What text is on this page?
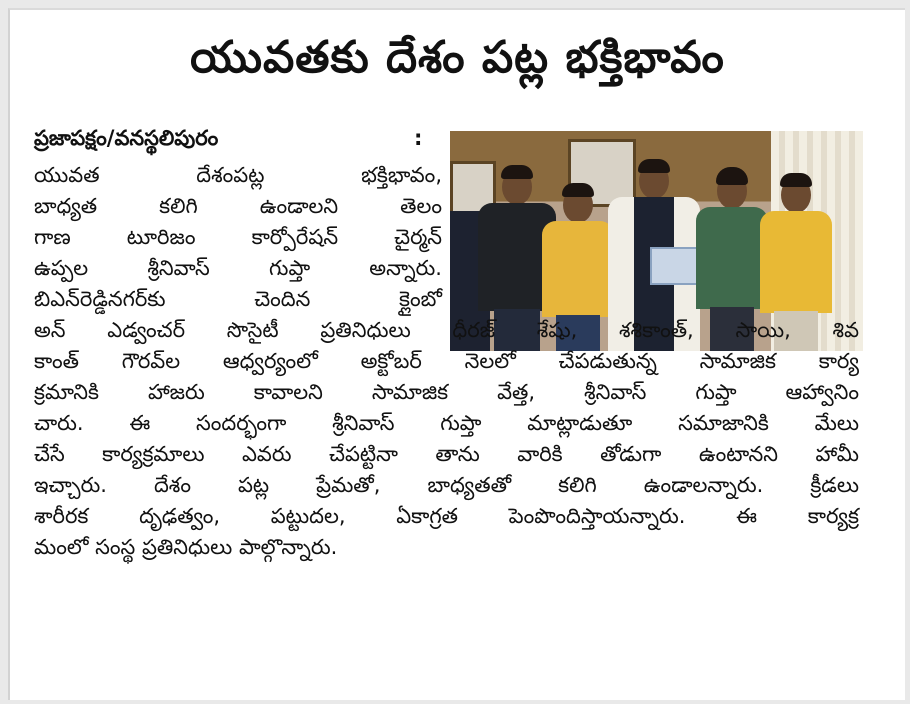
యువతకు దేశం పట్ల భక్తిభావం
ప్రజాపక్షం/వనస్థలిపురం	:
యువత దేశంపట్ల భక్తిభావం,
బాధ్యత కలిగి ఉండాలని తెలం
గాణ టూరిజం కార్పోరేషన్ చైర్మన్
ఉప్పల శ్రీనివాస్ గుప్తా అన్నారు.
బిఎన్‌రెడ్డినగర్‌కు చెందిన క్లైంబో
అన్ ఎడ్వంచర్ సొసైటీ ప్రతినిధులు ధీరజ్ శేషు, శశికాంత్, సాయి, శివ
కాంత్ గౌరవ్‌ల ఆధ్వర్యంలో అక్టోబర్ నెలలో చేపడుతున్న సామాజిక కార్య
క్రమానికి హాజరు కావాలని సామాజిక వేత్త, శ్రీనివాస్ గుప్తా ఆహ్వానిం
చారు. ఈ సందర్భంగా శ్రీనివాస్ గుప్తా మాట్లాడుతూ సమాజానికి మేలు
చేసే కార్యక్రమాలు ఎవరు చేపట్టినా తాను వారికి తోడుగా ఉంటానని హామీ
ఇచ్చారు. దేశం పట్ల ప్రేమతో, బాధ్యతతో కలిగి ఉండాలన్నారు. క్రీడలు
శారీరక దృఢత్వం, పట్టుదల, ఏకాగ్రత పెంపొందిస్తాయన్నారు. ఈ కార్యక్ర
మంలో సంస్థ ప్రతినిధులు పాల్గొన్నారు.
